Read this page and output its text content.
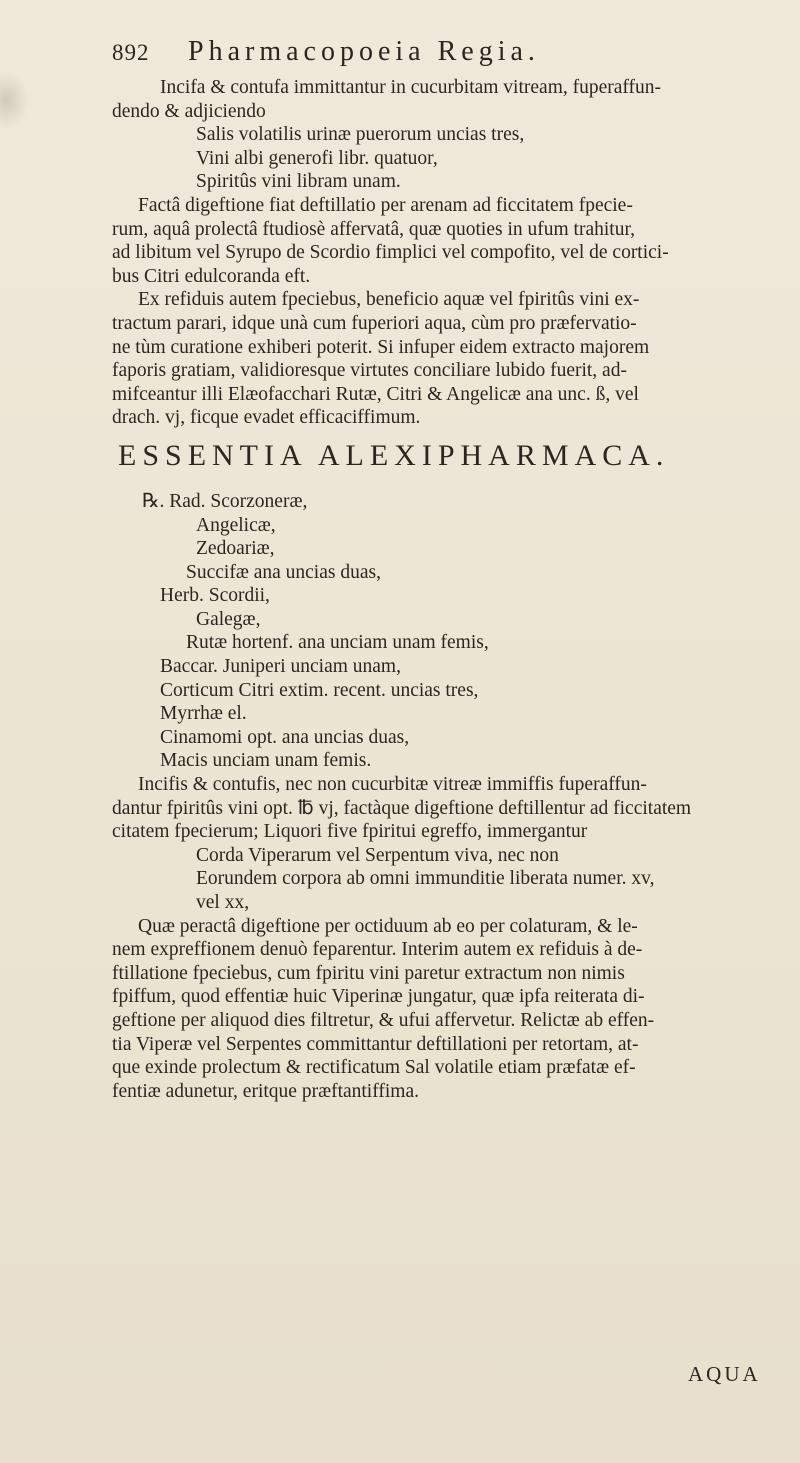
892 Pharmacopoeia Regia.
Incifa & contufa immittantur in cucurbitam vitream, fuperaffun-
dendo & adjiciendo
Salis volatilis urinæ puerorum uncias tres,
Vini albi generofi libr. quatuor,
Spiritûs vini libram unam.
Factâ digeftione fiat deftillatio per arenam ad ficcitatem fpecie-
rum, aquâ prolectâ ftudiosè affervatâ, quæ quoties in ufum trahitur,
ad libitum vel Syrupo de Scordio fimplici vel compofito, vel de cortici-
bus Citri edulcoranda eft.
Ex refiduis autem fpeciebus, beneficio aquæ vel fpiritûs vini ex-
tractum parari, idque unà cum fuperiori aqua, cùm pro præfervatio-
ne tùm curatione exhiberi poterit. Si infuper eidem extracto majorem
faporis gratiam, validioresque virtutes conciliare lubido fuerit, ad-
mifceantur illi Elæofacchari Rutæ, Citri & Angelicæ ana unc. ß, vel
drach. vj, ficque evadet efficaciffimum.
ESSENTIA ALEXIPHARMACA.
℞. Rad. Scorzoneræ,
Angelicæ,
Zedoariæ,
Succifæ ana uncias duas,
Herb. Scordii,
Galegæ,
Rutæ hortenf. ana unciam unam femis,
Baccar. Juniperi unciam unam,
Corticum Citri extim. recent. uncias tres,
Myrrhæ el.
Cinamomi opt. ana uncias duas,
Macis unciam unam femis.
Incifis & contufis, nec non cucurbitæ vitreæ immiffis fuperaffun-
dantur fpiritûs vini opt. ℔ vj, factàque digeftione deftillentur ad ficcitatem
citatem fpecierum; Liquori five fpiritui egreffo, immergantur
Corda Viperarum vel Serpentum viva, nec non
Eorundem corpora ab omni immunditie liberata numer. xv,
vel xx,
Quæ peractâ digeftione per octiduum ab eo per colaturam, & le-
nem expreffionem denuò feparentur. Interim autem ex refiduis à de-
ftillatione fpeciebus, cum fpiritu vini paretur extractum non nimis
fpiffum, quod effentiæ huic Viperinæ jungatur, quæ ipfa reiterata di-
geftione per aliquod dies filtretur, & ufui affervetur. Relictæ ab effen-
tia Viperæ vel Serpentes committantur deftillationi per retortam, at-
que exinde prolectum & rectificatum Sal volatile etiam præfatæ ef-
fentiæ adunetur, eritque præftantiffima.
AQUA
